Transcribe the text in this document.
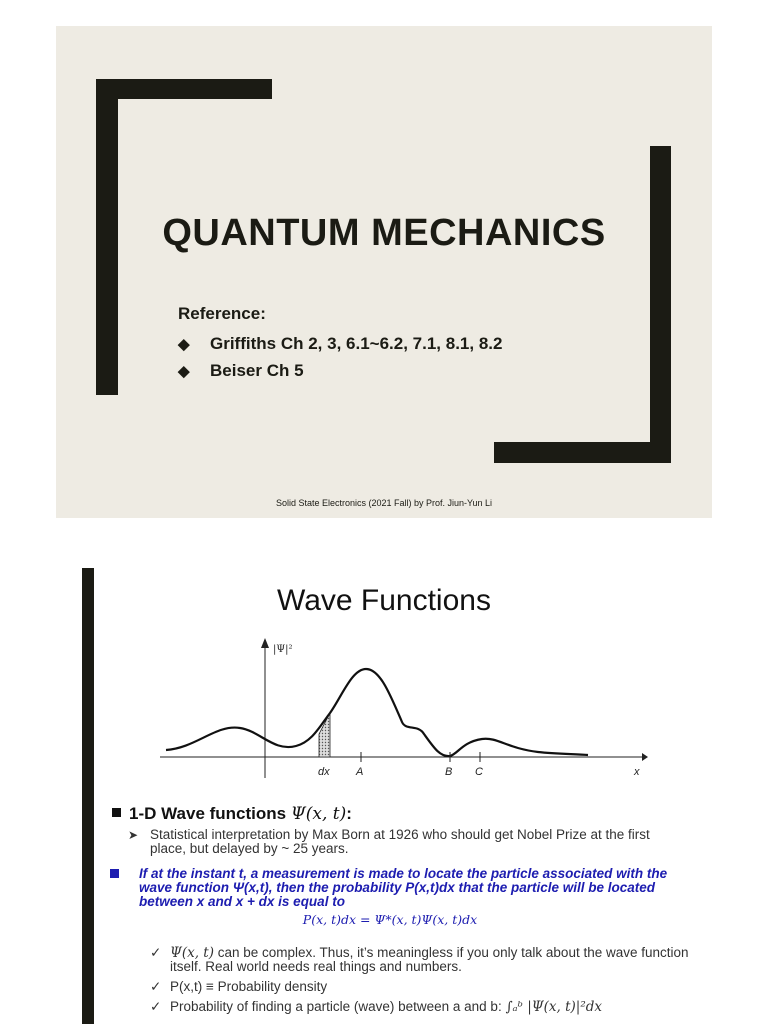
QUANTUM MECHANICS

Reference:

◆	Griffiths Ch 2, 3, 6.1~6.2, 7.1, 8.1, 8.2
◆	Beiser Ch 5
Solid State Electronics (2021 Fall) by Prof. Jiun-Yun Li
Wave Functions
|Ψ|²
dx A	B C	x
1-D Wave functions Ψ(x, t):
➤ Statistical interpretation by Max Born at 1926 who should get Nobel Prize at the first place, but delayed by ~ 25 years.
If at the instant t, a measurement is made to locate the particle associated with the wave function Ψ(x,t), then the probability P(x,t)dx that the particle will be located between x and x + dx is equal to
P(x, t)dx = Ψ*(x, t)Ψ(x, t)dx
✓ Ψ(x, t) can be complex. Thus, it’s meaningless if you only talk about the wave function itself. Real world needs real things and numbers.
✓ P(x,t) ≡ Probability density
✓ Probability of finding a particle (wave) between a and b: ∫ₐᵇ |Ψ(x, t)|²dx
